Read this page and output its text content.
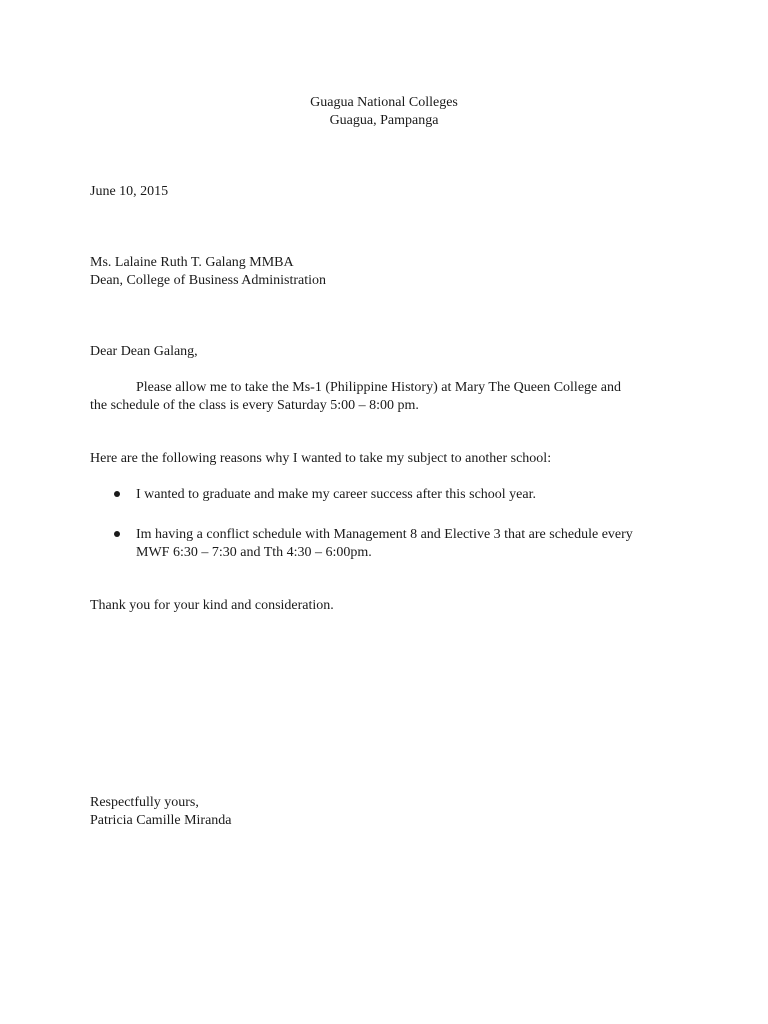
Guagua National Colleges
Guagua, Pampanga
June 10, 2015
Ms. Lalaine Ruth T. Galang MMBA
Dean, College of Business Administration
Dear Dean Galang,
Please allow me to take the Ms-1 (Philippine History) at Mary The Queen College and
the schedule of the class is every Saturday 5:00 – 8:00 pm.
Here are the following reasons why I wanted to take my subject to another school:
I wanted to graduate and make my career success after this school year.
Im having a conflict schedule with Management 8 and Elective 3 that are schedule every
MWF 6:30 – 7:30 and Tth 4:30 – 6:00pm.
Thank you for your kind and consideration.
Respectfully yours,
Patricia Camille Miranda
